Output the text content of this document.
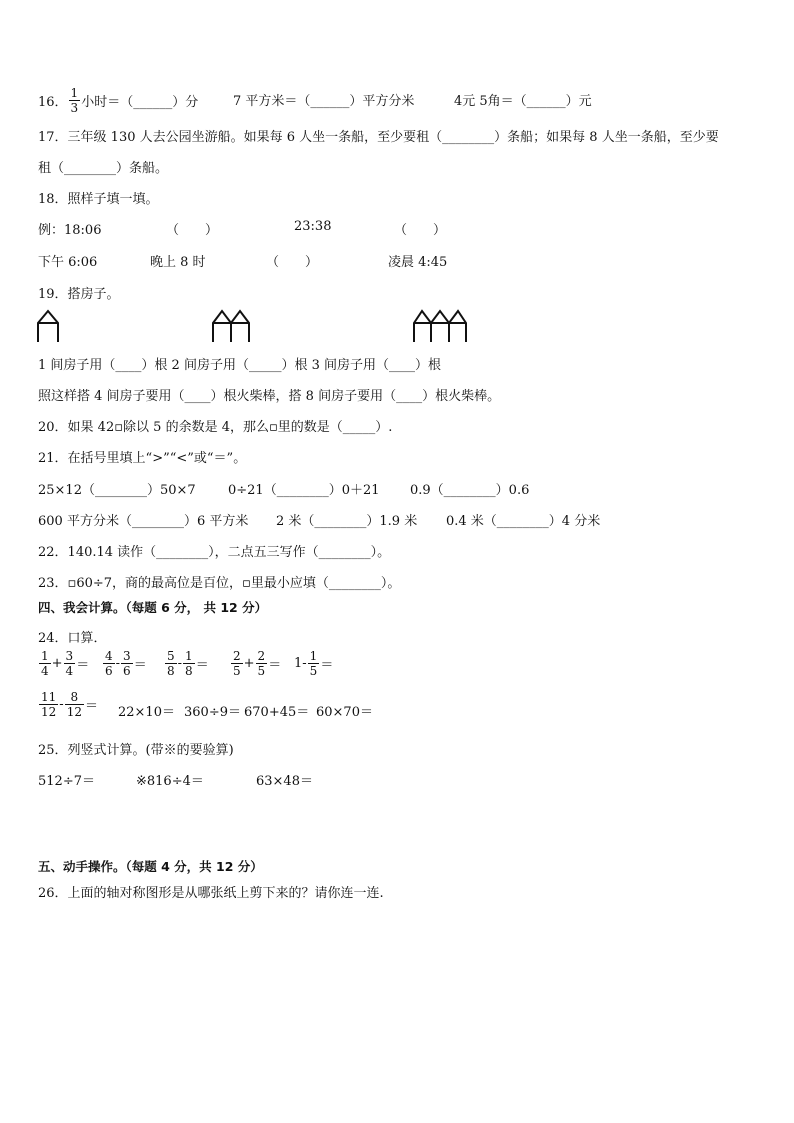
16． $\frac{1}{3}$ 小时＝（______）分	7 平方米＝（______）平方分米	4元 5角＝（______）元
17．三年级 130 人去公园坐游船。如果每 6 人坐一条船，至少要租（________）条船；如果每 8 人坐一条船，至少要
租（________）条船。
18．照样子填一填。
例：18:06	（　　）	23:38	（　　）
下午 6:06	晚上 8 时	（　　）	凌晨 4:45
19．搭房子。
1 间房子用（____）根 2 间房子用（_____）根 3 间房子用（____）根
照这样搭 4 间房子要用（____）根火柴棒，搭 8 间房子要用（____）根火柴棒。
20．如果 42▫除以 5 的余数是 4，那么▫里的数是（_____）.
21．在括号里填上“>”“<”或“＝”。
25×12（________）50×7 0÷21（________）0＋21 0.9（________）0.6
600 平方分米（________）6 平方米 2 米（________）1.9 米 0.4 米（________）4 分米
22．140.14 读作（________），二点五三写作（________）。
23．▫60÷7，商的最高位是百位，▫里最小应填（________）。
四、我会计算。（每题 6 分， 共 12 分）
24．口算．
$\frac{1}{4} + \frac{3}{4} = \frac{4}{6} - \frac{3}{6} = \frac{5}{8} - \frac{1}{8} = \frac{2}{5} + \frac{2}{5} = 1- \frac{1}{5}$ ＝
$\frac{11}{12} - \frac{8}{12} = 22\times 10= 360\div 9= 670+45= 60\times 70=$
25．列竖式计算。(带※的要验算)
512÷7＝	※816÷4＝	63×48＝
五、动手操作。（每题 4 分，共 12 分）
26．上面的轴对称图形是从哪张纸上剪下来的？请你连一连.
